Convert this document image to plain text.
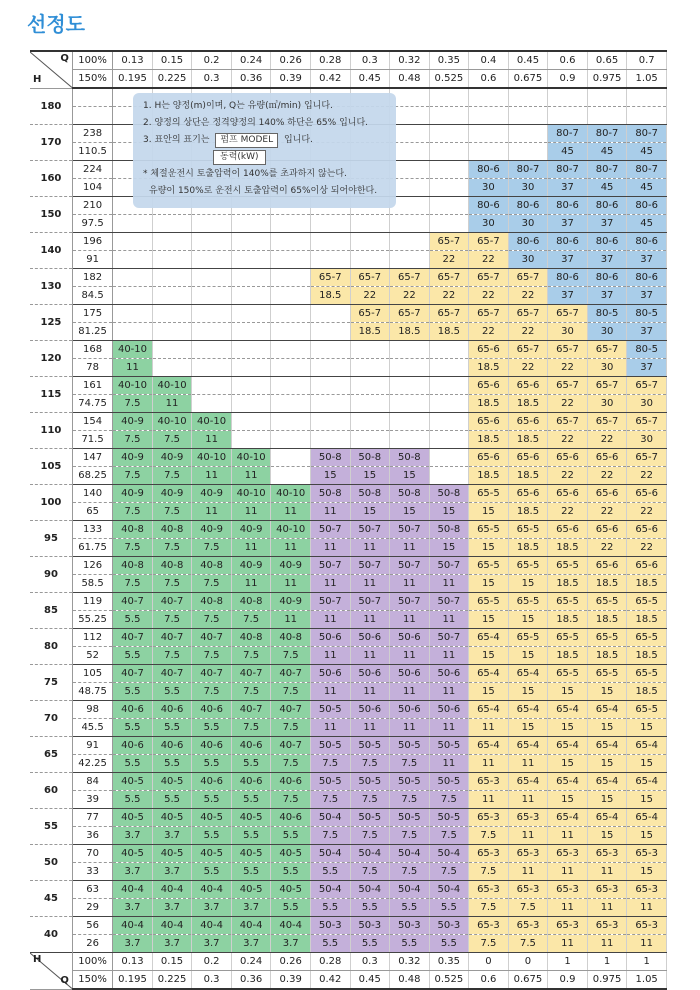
선정도
Q
H	100%	0.13	0.15	0.2	0.24	0.26	0.28	0.3	0.32	0.35	0.4	0.45	0.6	0.65	0.7
	150%	0.195	0.225	0.3	0.36	0.39	0.42	0.45	0.48	0.525	0.6	0.675	0.9	0.975	1.05
180															

170	238												80-7	80-7	80-7
	110.5												45	45	45
160	224										80-6	80-7	80-7	80-7	80-7
	104										30	30	37	45	45
150	210										80-6	80-6	80-6	80-6	80-6
	97.5										30	30	37	37	45
140	196									65-7	65-7	80-6	80-6	80-6	80-6
	91									22	22	30	37	37	37
130	182						65-7	65-7	65-7	65-7	65-7	65-7	80-6	80-6	80-6
	84.5						18.5	22	22	22	22	22	37	37	37
125	175							65-7	65-7	65-7	65-7	65-7	65-7	80-5	80-5
	81.25							18.5	18.5	18.5	22	22	30	30	37
120	168	40-10									65-6	65-7	65-7	65-7	80-5
	78	11									18.5	22	22	30	37
115	161	40-10	40-10								65-6	65-6	65-7	65-7	65-7
	74.75	7.5	11								18.5	18.5	22	30	30
110	154	40-9	40-10	40-10							65-6	65-6	65-7	65-7	65-7
	71.5	7.5	7.5	11							18.5	18.5	22	22	30
105	147	40-9	40-9	40-10	40-10		50-8	50-8	50-8		65-6	65-6	65-6	65-6	65-7
	68.25	7.5	7.5	11	11		15	15	15		18.5	18.5	22	22	22
100	140	40-9	40-9	40-9	40-10	40-10	50-8	50-8	50-8	50-8	65-5	65-6	65-6	65-6	65-6
	65	7.5	7.5	11	11	11	11	15	15	15	15	18.5	22	22	22
95	133	40-8	40-8	40-9	40-9	40-10	50-7	50-7	50-7	50-8	65-5	65-5	65-6	65-6	65-6
	61.75	7.5	7.5	7.5	11	11	11	11	11	15	15	18.5	18.5	22	22
90	126	40-8	40-8	40-8	40-9	40-9	50-7	50-7	50-7	50-7	65-5	65-5	65-5	65-6	65-6
	58.5	7.5	7.5	7.5	11	11	11	11	11	11	15	15	18.5	18.5	18.5
85	119	40-7	40-7	40-8	40-8	40-9	50-7	50-7	50-7	50-7	65-5	65-5	65-5	65-5	65-5
	55.25	5.5	7.5	7.5	7.5	11	11	11	11	11	15	15	18.5	18.5	18.5
80	112	40-7	40-7	40-7	40-8	40-8	50-6	50-6	50-6	50-7	65-4	65-5	65-5	65-5	65-5
	52	5.5	7.5	7.5	7.5	7.5	11	11	11	11	15	15	18.5	18.5	18.5
75	105	40-7	40-7	40-7	40-7	40-7	50-6	50-6	50-6	50-6	65-4	65-4	65-5	65-5	65-5
	48.75	5.5	5.5	7.5	7.5	7.5	11	11	11	11	15	15	15	15	18.5
70	98	40-6	40-6	40-6	40-7	40-7	50-5	50-6	50-6	50-6	65-4	65-4	65-4	65-4	65-5
	45.5	5.5	5.5	5.5	7.5	7.5	11	11	11	11	11	15	15	15	15
65	91	40-6	40-6	40-6	40-6	40-7	50-5	50-5	50-5	50-5	65-4	65-4	65-4	65-4	65-4
	42.25	5.5	5.5	5.5	5.5	7.5	7.5	7.5	7.5	11	11	11	15	15	15
60	84	40-5	40-5	40-6	40-6	40-6	50-5	50-5	50-5	50-5	65-3	65-4	65-4	65-4	65-4
	39	5.5	5.5	5.5	5.5	7.5	7.5	7.5	7.5	7.5	11	11	15	15	15
55	77	40-5	40-5	40-5	40-5	40-6	50-4	50-5	50-5	50-5	65-3	65-3	65-4	65-4	65-4
	36	3.7	3.7	5.5	5.5	5.5	7.5	7.5	7.5	7.5	7.5	11	11	15	15
50	70	40-5	40-5	40-5	40-5	40-5	50-4	50-4	50-4	50-4	65-3	65-3	65-3	65-3	65-3
	33	3.7	3.7	5.5	5.5	5.5	5.5	7.5	7.5	7.5	7.5	11	11	11	15
45	63	40-4	40-4	40-4	40-5	40-5	50-4	50-4	50-4	50-4	65-3	65-3	65-3	65-3	65-3
	29	3.7	3.7	3.7	3.7	5.5	5.5	5.5	5.5	5.5	7.5	7.5	11	11	11
40	56	40-4	40-4	40-4	40-4	40-4	50-3	50-3	50-3	50-3	65-3	65-3	65-3	65-3	65-3
	26	3.7	3.7	3.7	3.7	3.7	5.5	5.5	5.5	5.5	7.5	7.5	11	11	11

Q
H	100%	0.13	0.15	0.2	0.24	0.26	0.28	0.3	0.32	0.35	0	0	1	1	1
	150%	0.195	0.225	0.3	0.36	0.39	0.42	0.45	0.48	0.525	0.6	0.675	0.9	0.975	1.05
1. H는 양정(m)이며, Q는 유량(㎥/min) 입니다.
2. 양정의 상단은 정격양정의 140% 하단은 65% 입니다.
3. 표안의 표기는 펌프 MODEL 입니다.
동력(kW)
* 체절운전시 토출압력이 140%를 초과하지 않는다.
유량이 150%로 운전시 토출압력이 65%이상 되어야한다.
